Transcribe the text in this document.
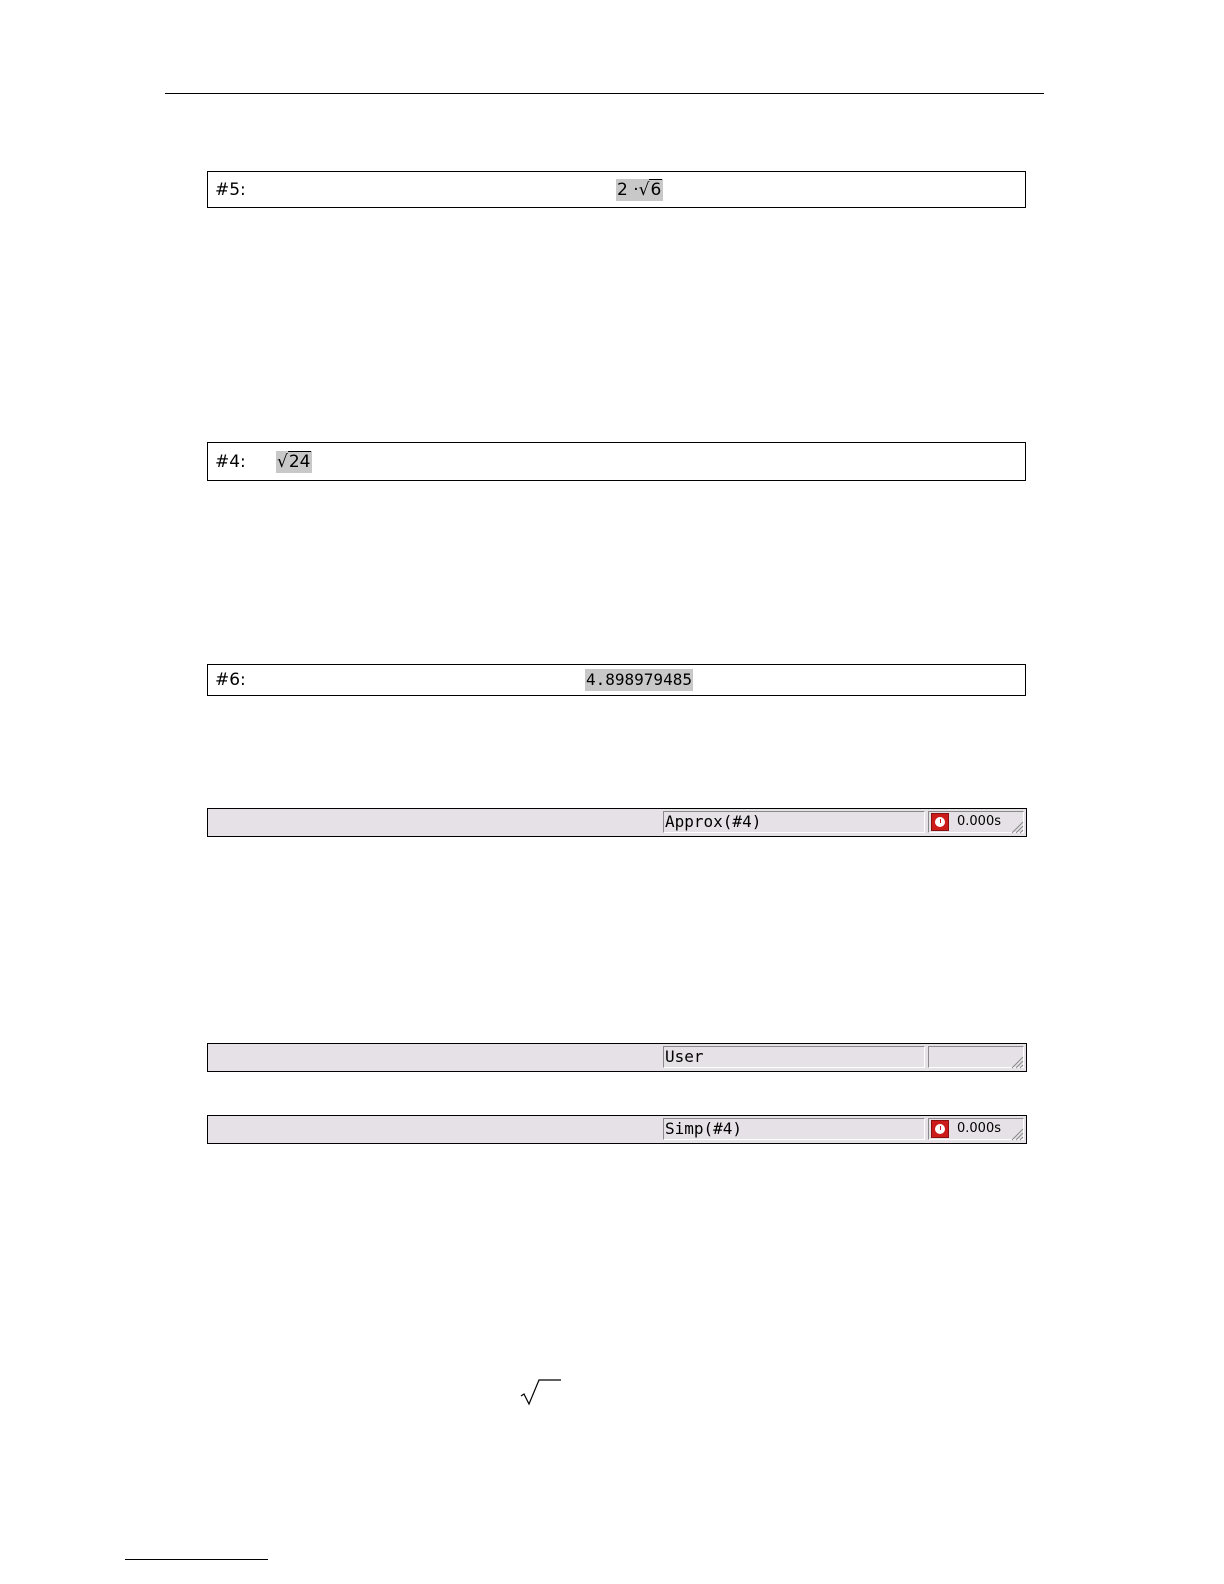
#5:	2 ·√6
#4: √24
#6:	4.898979485
Approx(#4)	0.000s
User
Simp(#4)	0.000s
